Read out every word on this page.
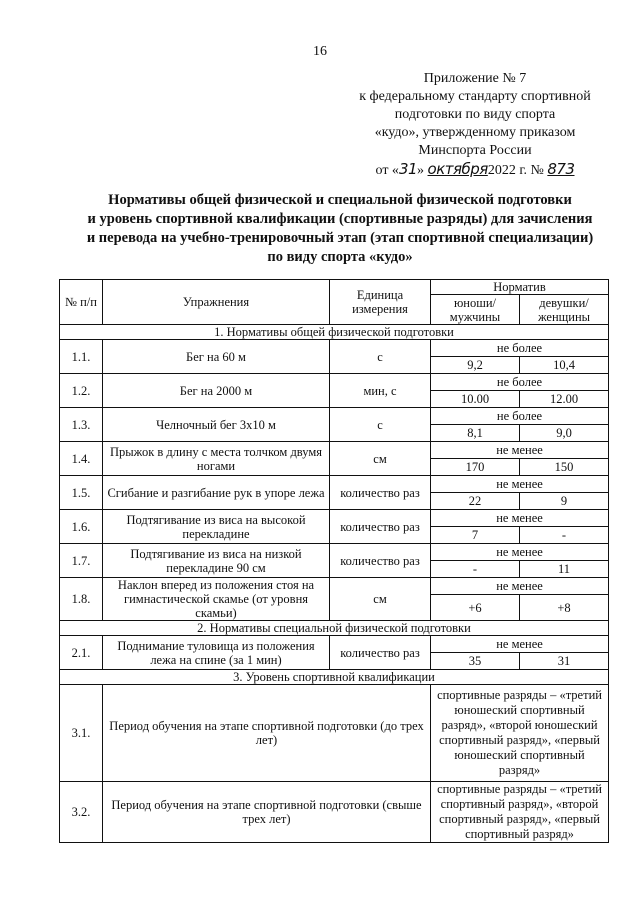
16
Приложение № 7
к федеральному стандарту спортивной
подготовки по виду спорта
«кудо», утвержденному приказом
Минспорта России
от «31» октября2022 г. № 873
Нормативы общей физической и специальной физической подготовки
и уровень спортивной квалификации (спортивные разряды) для зачисления
и перевода на учебно-тренировочный этап (этап спортивной специализации)
по виду спорта «кудо»
№ п/п	Упражнения	Единица измерения	Норматив	
			юноши/ мужчины	девушки/ женщины
1. Нормативы общей физической подготовки				
1.1.	Бег на 60 м	с	не более	
			9,2	10,4
1.2.	Бег на 2000 м	мин, с	не более	
			10.00	12.00
1.3.	Челночный бег 3х10 м	с	не более	
			8,1	9,0
1.4.	Прыжок в длину с места толчком двумя ногами	см	не менее	
			170	150
1.5.	Сгибание и разгибание рук в упоре лежа	количество раз	не менее	
			22	9
1.6.	Подтягивание из виса на высокой перекладине	количество раз	не менее	
			7	-
1.7.	Подтягивание из виса на низкой перекладине 90 см	количество раз	не менее	
			-	11
1.8.	Наклон вперед из положения стоя на гимнастической скамье (от уровня скамьи)	см	не менее	
			+6	+8
2. Нормативы специальной физической подготовки				
2.1.	Поднимание туловища из положения лежа на спине (за 1 мин)	количество раз	не менее	
			35	31
3. Уровень спортивной квалификации				
3.1.	Период обучения на этапе спортивной подготовки (до трех лет)		спортивные разряды – «третий юношеский спортивный разряд», «второй юношеский спортивный разряд», «первый юношеский спортивный разряд»	
3.2.	Период обучения на этапе спортивной подготовки (свыше трех лет)		спортивные разряды – «третий спортивный разряд», «второй спортивный разряд», «первый спортивный разряд»	
